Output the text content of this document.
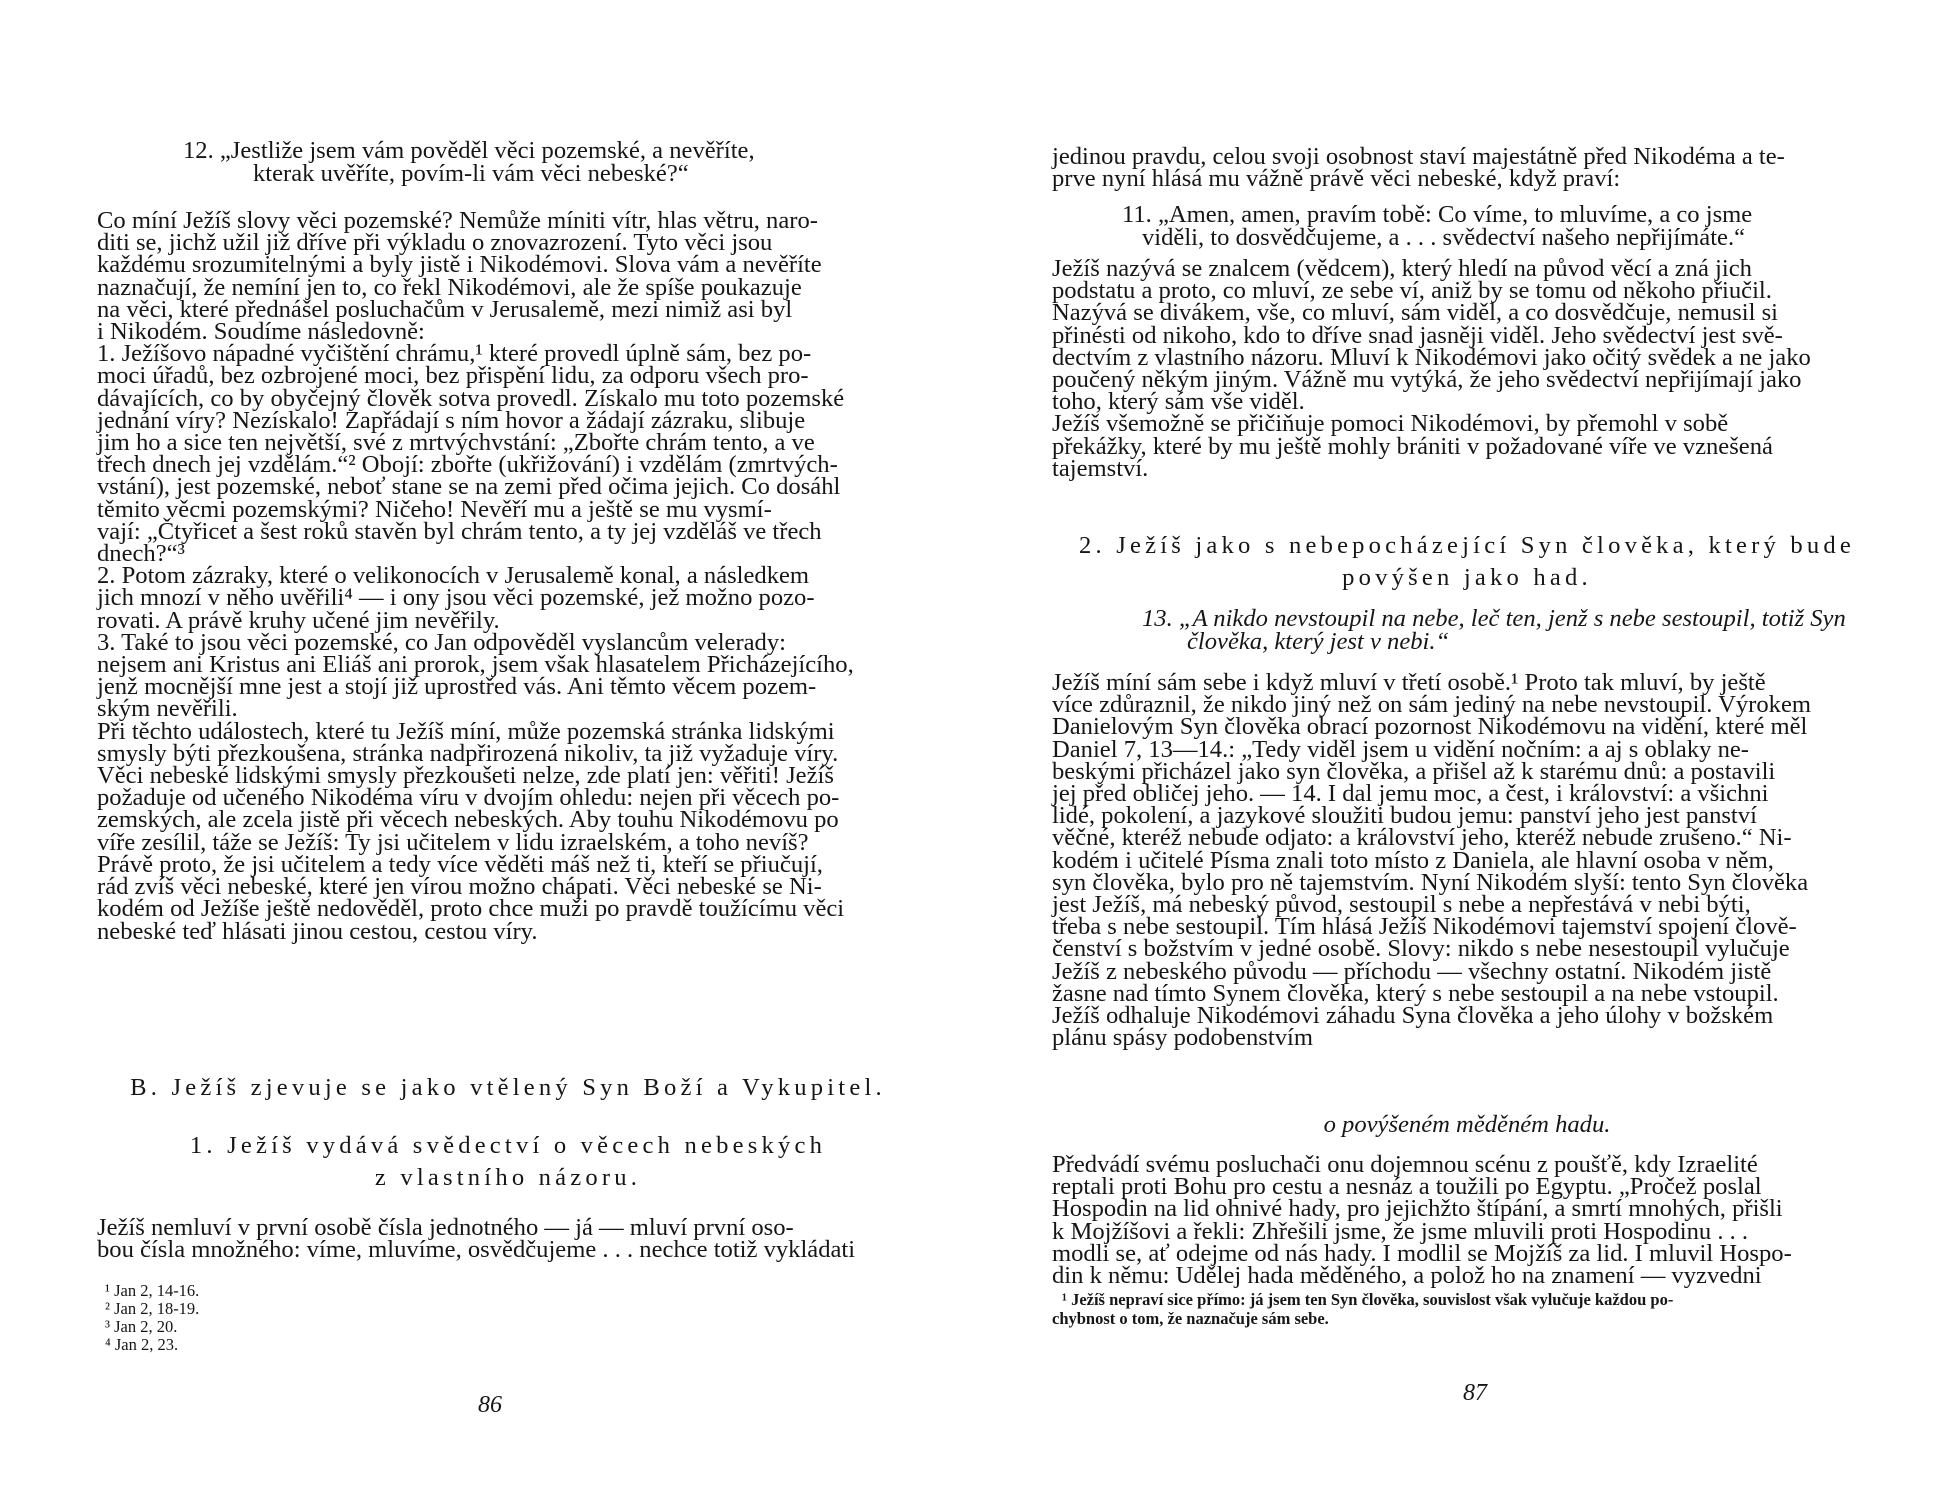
12. „Jestliže jsem vám pověděl věci pozemské, a nevěříte,

kterak uvěříte, povím-li vám věci nebeské?“

Co míní Ježíš slovy věci pozemské? Nemůže míniti vítr, hlas větru, naro-

diti se, jichž užil již dříve při výkladu o znovazrození. Tyto věci jsou

každému srozumitelnými a byly jistě i Nikodémovi. Slova vám a nevěříte

naznačují, že nemíní jen to, co řekl Nikodémovi, ale že spíše poukazuje

na věci, které přednášel posluchačům v Jerusalemě, mezi nimiž asi byl

i Nikodém. Soudíme následovně:

1. Ježíšovo nápadné vyčištění chrámu,¹ které provedl úplně sám, bez po-

moci úřadů, bez ozbrojené moci, bez přispění lidu, za odporu všech pro-

dávajících, co by obyčejný člověk sotva provedl. Získalo mu toto pozemské

jednání víry? Nezískalo! Zapřádají s ním hovor a žádají zázraku, slibuje

jim ho a sice ten největší, své z mrtvýchvstání: „Zbořte chrám tento, a ve

třech dnech jej vzdělám.“² Obojí: zbořte (ukřižování) i vzdělám (zmrtvých-

vstání), jest pozemské, neboť stane se na zemi před očima jejich. Co dosáhl

těmito věcmi pozemskými? Ničeho! Nevěří mu a ještě se mu vysmí-

vají: „Čtyřicet a šest roků stavěn byl chrám tento, a ty jej vzděláš ve třech

dnech?“³

2. Potom zázraky, které o velikonocích v Jerusalemě konal, a následkem

jich mnozí v něho uvěřili⁴ — i ony jsou věci pozemské, jež možno pozo-

rovati. A právě kruhy učené jim nevěřily.

3. Také to jsou věci pozemské, co Jan odpověděl vyslancům velerady:

nejsem ani Kristus ani Eliáš ani prorok, jsem však hlasatelem Přicházejícího,

jenž mocnější mne jest a stojí již uprostřed vás. Ani těmto věcem pozem-

ským nevěřili.

Při těchto událostech, které tu Ježíš míní, může pozemská stránka lidskými

smysly býti přezkoušena, stránka nadpřirozená nikoliv, ta již vyžaduje víry.

Věci nebeské lidskými smysly přezkoušeti nelze, zde platí jen: věřiti! Ježíš

požaduje od učeného Nikodéma víru v dvojím ohledu: nejen při věcech po-

zemských, ale zcela jistě při věcech nebeských. Aby touhu Nikodémovu po

víře zesílil, táže se Ježíš: Ty jsi učitelem v lidu izraelském, a toho nevíš?

Právě proto, že jsi učitelem a tedy více věděti máš než ti, kteří se přiučují,

rád zvíš věci nebeské, které jen vírou možno chápati. Věci nebeské se Ni-

kodém od Ježíše ještě nedověděl, proto chce muži po pravdě toužícímu věci

nebeské teď hlásati jinou cestou, cestou víry.

B. Ježíš zjevuje se jako vtělený Syn Boží a Vykupitel.

1. Ježíš vydává svědectví o věcech nebeských

z vlastního názoru.

Ježíš nemluví v první osobě čísla jednotného — já — mluví první oso-

bou čísla množného: víme, mluvíme, osvědčujeme . . . nechce totiž vykládati

¹ Jan 2, 14-16.

² Jan 2, 18-19.

³ Jan 2, 20.

⁴ Jan 2, 23.

86

jedinou pravdu, celou svoji osobnost staví majestátně před Nikodéma a te-

prve nyní hlásá mu vážně právě věci nebeské, když praví:

11. „Amen, amen, pravím tobě: Co víme, to mluvíme, a co jsme

viděli, to dosvědčujeme, a . . . svědectví našeho nepřijímáte.“

Ježíš nazývá se znalcem (vědcem), který hledí na původ věcí a zná jich

podstatu a proto, co mluví, ze sebe ví, aniž by se tomu od někoho přiučil.

Nazývá se divákem, vše, co mluví, sám viděl, a co dosvědčuje, nemusil si

přinésti od nikoho, kdo to dříve snad jasněji viděl. Jeho svědectví jest svě-

dectvím z vlastního názoru. Mluví k Nikodémovi jako očitý svědek a ne jako

poučený někým jiným. Vážně mu vytýká, že jeho svědectví nepřijímají jako

toho, který sám vše viděl.

Ježíš všemožně se přičiňuje pomoci Nikodémovi, by přemohl v sobě

překážky, které by mu ještě mohly brániti v požadované víře ve vznešená

tajemství.

2. Ježíš jako s nebepocházející Syn člověka, který bude

povýšen jako had.

13. „A nikdo nevstoupil na nebe, leč ten, jenž s nebe sestoupil, totiž Syn

člověka, který jest v nebi.“

Ježíš míní sám sebe i když mluví v třetí osobě.¹ Proto tak mluví, by ještě

více zdůraznil, že nikdo jiný než on sám jediný na nebe nevstoupil. Výrokem

Danielovým Syn člověka obrací pozornost Nikodémovu na vidění, které měl

Daniel 7, 13—14.: „Tedy viděl jsem u vidění nočním: a aj s oblaky ne-

beskými přicházel jako syn člověka, a přišel až k starému dnů: a postavili

jej před obličej jeho. — 14. I dal jemu moc, a čest, i království: a všichni

lidé, pokolení, a jazykové sloužiti budou jemu: panství jeho jest panství

věčné, kteréž nebude odjato: a království jeho, kteréž nebude zrušeno.“ Ni-

kodém i učitelé Písma znali toto místo z Daniela, ale hlavní osoba v něm,

syn člověka, bylo pro ně tajemstvím. Nyní Nikodém slyší: tento Syn člověka

jest Ježíš, má nebeský původ, sestoupil s nebe a nepřestává v nebi býti,

třeba s nebe sestoupil. Tím hlásá Ježíš Nikodémovi tajemství spojení člově-

čenství s božstvím v jedné osobě. Slovy: nikdo s nebe nesestoupil vylučuje

Ježíš z nebeského původu — příchodu — všechny ostatní. Nikodém jistě

žasne nad tímto Synem člověka, který s nebe sestoupil a na nebe vstoupil.

Ježíš odhaluje Nikodémovi záhadu Syna člověka a jeho úlohy v božském

plánu spásy podobenstvím

o povýšeném měděném hadu.

Předvádí svému posluchači onu dojemnou scénu z poušťě, kdy Izraelité

reptali proti Bohu pro cestu a nesnáz a toužili po Egyptu. „Pročež poslal

Hospodin na lid ohnivé hady, pro jejichžto štípání, a smrtí mnohých, přišli

k Mojžíšovi a řekli: Zhřešili jsme, že jsme mluvili proti Hospodinu . . .

modli se, ať odejme od nás hady. I modlil se Mojžíš za lid. I mluvil Hospo-

din k němu: Udělej hada měděného, a polož ho na znamení — vyzvedni

¹ Ježíš nepraví sice přímo: já jsem ten Syn člověka, souvislost však vylučuje každou po-

chybnost o tom, že naznačuje sám sebe.

87
